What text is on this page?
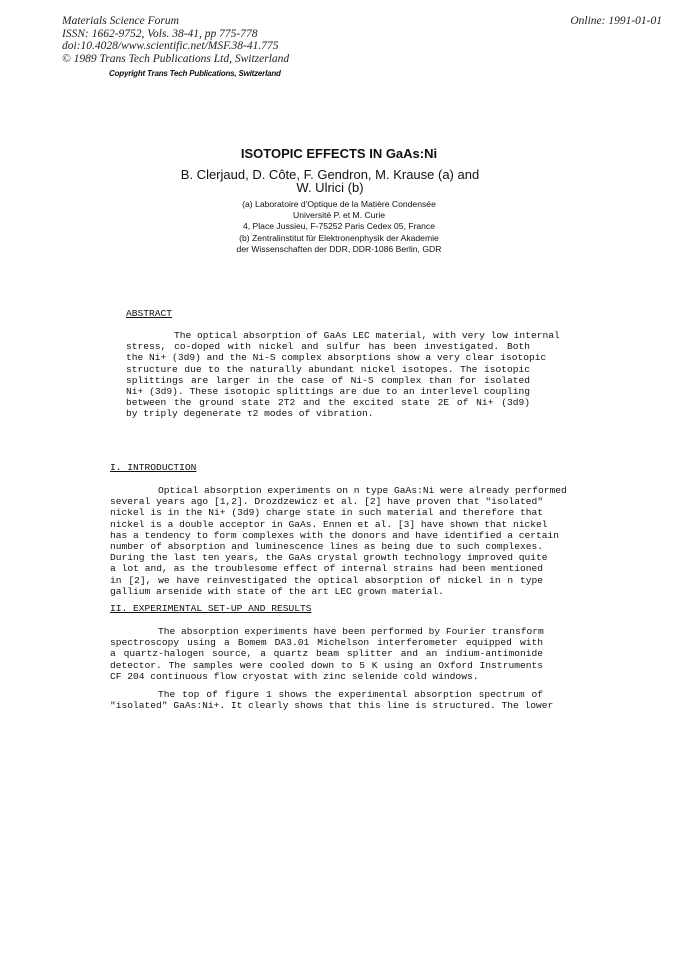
Materials Science Forum
ISSN: 1662-9752, Vols. 38-41, pp 775-778
doi:10.4028/www.scientific.net/MSF.38-41.775
© 1989 Trans Tech Publications Ltd, Switzerland
Online: 1991-01-01
Copyright Trans Tech Publications, Switzerland
ISOTOPIC EFFECTS IN GaAs:Ni
B. Clerjaud, D. Côte, F. Gendron, M. Krause (a) and
W. Ulrici (b)
(a) Laboratoire d'Optique de la Matière Condensée
Université P. et M. Curie
4, Place Jussieu, F-75252 Paris Cedex 05, France
(b) Zentralinstitut für Elektronenphysik der Akademie
der Wissenschaften der DDR, DDR-1086 Berlin, GDR
ABSTRACT
The optical absorption of GaAs LEC material, with very low internal
stress, co-doped with nickel and sulfur has been investigated. Both
the Ni+ (3d9) and the Ni-S complex absorptions show a very clear isotopic
structure due to the naturally abundant nickel isotopes. The isotopic
splittings are larger in the case of Ni-S complex than for isolated
Ni+ (3d9). These isotopic splittings are due to an interlevel coupling
between the ground state 2T2 and the excited state 2E of Ni+ (3d9)
by triply degenerate τ2 modes of vibration.
I. INTRODUCTION
Optical absorption experiments on n type GaAs:Ni were already performed
several years ago [1,2]. Drozdzewicz et al. [2] have proven that "isolated"
nickel is in the Ni+ (3d9) charge state in such material and therefore that
nickel is a double acceptor in GaAs. Ennen et al. [3] have shown that nickel
has a tendency to form complexes with the donors and have identified a certain
number of absorption and luminescence lines as being due to such complexes.
During the last ten years, the GaAs crystal growth technology improved quite
a lot and, as the troublesome effect of internal strains had been mentioned
in [2], we have reinvestigated the optical absorption of nickel in n type
gallium arsenide with state of the art LEC grown material.
II. EXPERIMENTAL SET-UP AND RESULTS
The absorption experiments have been performed by Fourier transform
spectroscopy using a Bomem DA3.01 Michelson interferometer equipped with
a quartz-halogen source, a quartz beam splitter and an indium-antimonide
detector. The samples were cooled down to 5 K using an Oxford Instruments
CF 204 continuous flow cryostat with zinc selenide cold windows.
The top of figure 1 shows the experimental absorption spectrum of
"isolated" GaAs:Ni+. It clearly shows that this line is structured. The lower
